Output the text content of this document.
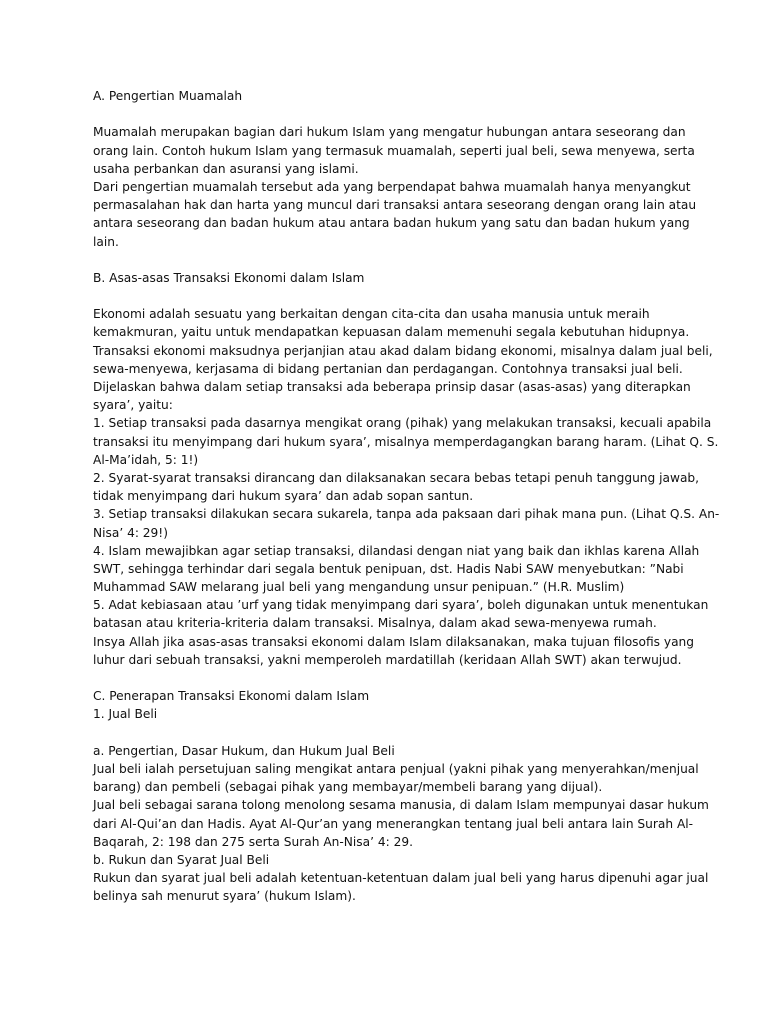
A. Pengertian Muamalah
Muamalah merupakan bagian dari hukum Islam yang mengatur hubungan antara seseorang dan
orang lain. Contoh hukum Islam yang termasuk muamalah, seperti jual beli, sewa menyewa, serta
usaha perbankan dan asuransi yang islami.
Dari pengertian muamalah tersebut ada yang berpendapat bahwa muamalah hanya menyangkut
permasalahan hak dan harta yang muncul dari transaksi antara seseorang dengan orang lain atau
antara seseorang dan badan hukum atau antara badan hukum yang satu dan badan hukum yang
lain.
B. Asas-asas Transaksi Ekonomi dalam Islam
Ekonomi adalah sesuatu yang berkaitan dengan cita-cita dan usaha manusia untuk meraih
kemakmuran, yaitu untuk mendapatkan kepuasan dalam memenuhi segala kebutuhan hidupnya.
Transaksi ekonomi maksudnya perjanjian atau akad dalam bidang ekonomi, misalnya dalam jual beli,
sewa-menyewa, kerjasama di bidang pertanian dan perdagangan. Contohnya transaksi jual beli.
Dijelaskan bahwa dalam setiap transaksi ada beberapa prinsip dasar (asas-asas) yang diterapkan
syara’, yaitu:
1. Setiap transaksi pada dasarnya mengikat orang (pihak) yang melakukan transaksi, kecuali apabila
transaksi itu menyimpang dari hukum syara’, misalnya memperdagangkan barang haram. (Lihat Q. S.
Al-Ma’idah, 5: 1!)
2. Syarat-syarat transaksi dirancang dan dilaksanakan secara bebas tetapi penuh tanggung jawab,
tidak menyimpang dari hukum syara’ dan adab sopan santun.
3. Setiap transaksi dilakukan secara sukarela, tanpa ada paksaan dari pihak mana pun. (Lihat Q.S. An-
Nisa’ 4: 29!)
4. Islam mewajibkan agar setiap transaksi, dilandasi dengan niat yang baik dan ikhlas karena Allah
SWT, sehingga terhindar dari segala bentuk penipuan, dst. Hadis Nabi SAW menyebutkan: ”Nabi
Muhammad SAW melarang jual beli yang mengandung unsur penipuan.” (H.R. Muslim)
5. Adat kebiasaan atau ’urf yang tidak menyimpang dari syara’, boleh digunakan untuk menentukan
batasan atau kriteria-kriteria dalam transaksi. Misalnya, dalam akad sewa-menyewa rumah.
Insya Allah jika asas-asas transaksi ekonomi dalam Islam dilaksanakan, maka tujuan filosofis yang
luhur dari sebuah transaksi, yakni memperoleh mardatillah (keridaan Allah SWT) akan terwujud.
C. Penerapan Transaksi Ekonomi dalam Islam
1. Jual Beli
a. Pengertian, Dasar Hukum, dan Hukum Jual Beli
Jual beli ialah persetujuan saling mengikat antara penjual (yakni pihak yang menyerahkan/menjual
barang) dan pembeli (sebagai pihak yang membayar/membeli barang yang dijual).
Jual beli sebagai sarana tolong menolong sesama manusia, di dalam Islam mempunyai dasar hukum
dari Al-Qui’an dan Hadis. Ayat Al-Qur’an yang menerangkan tentang jual beli antara lain Surah Al-
Baqarah, 2: 198 dan 275 serta Surah An-Nisa’ 4: 29.
b. Rukun dan Syarat Jual Beli
Rukun dan syarat jual beli adalah ketentuan-ketentuan dalam jual beli yang harus dipenuhi agar jual
belinya sah menurut syara’ (hukum Islam).
